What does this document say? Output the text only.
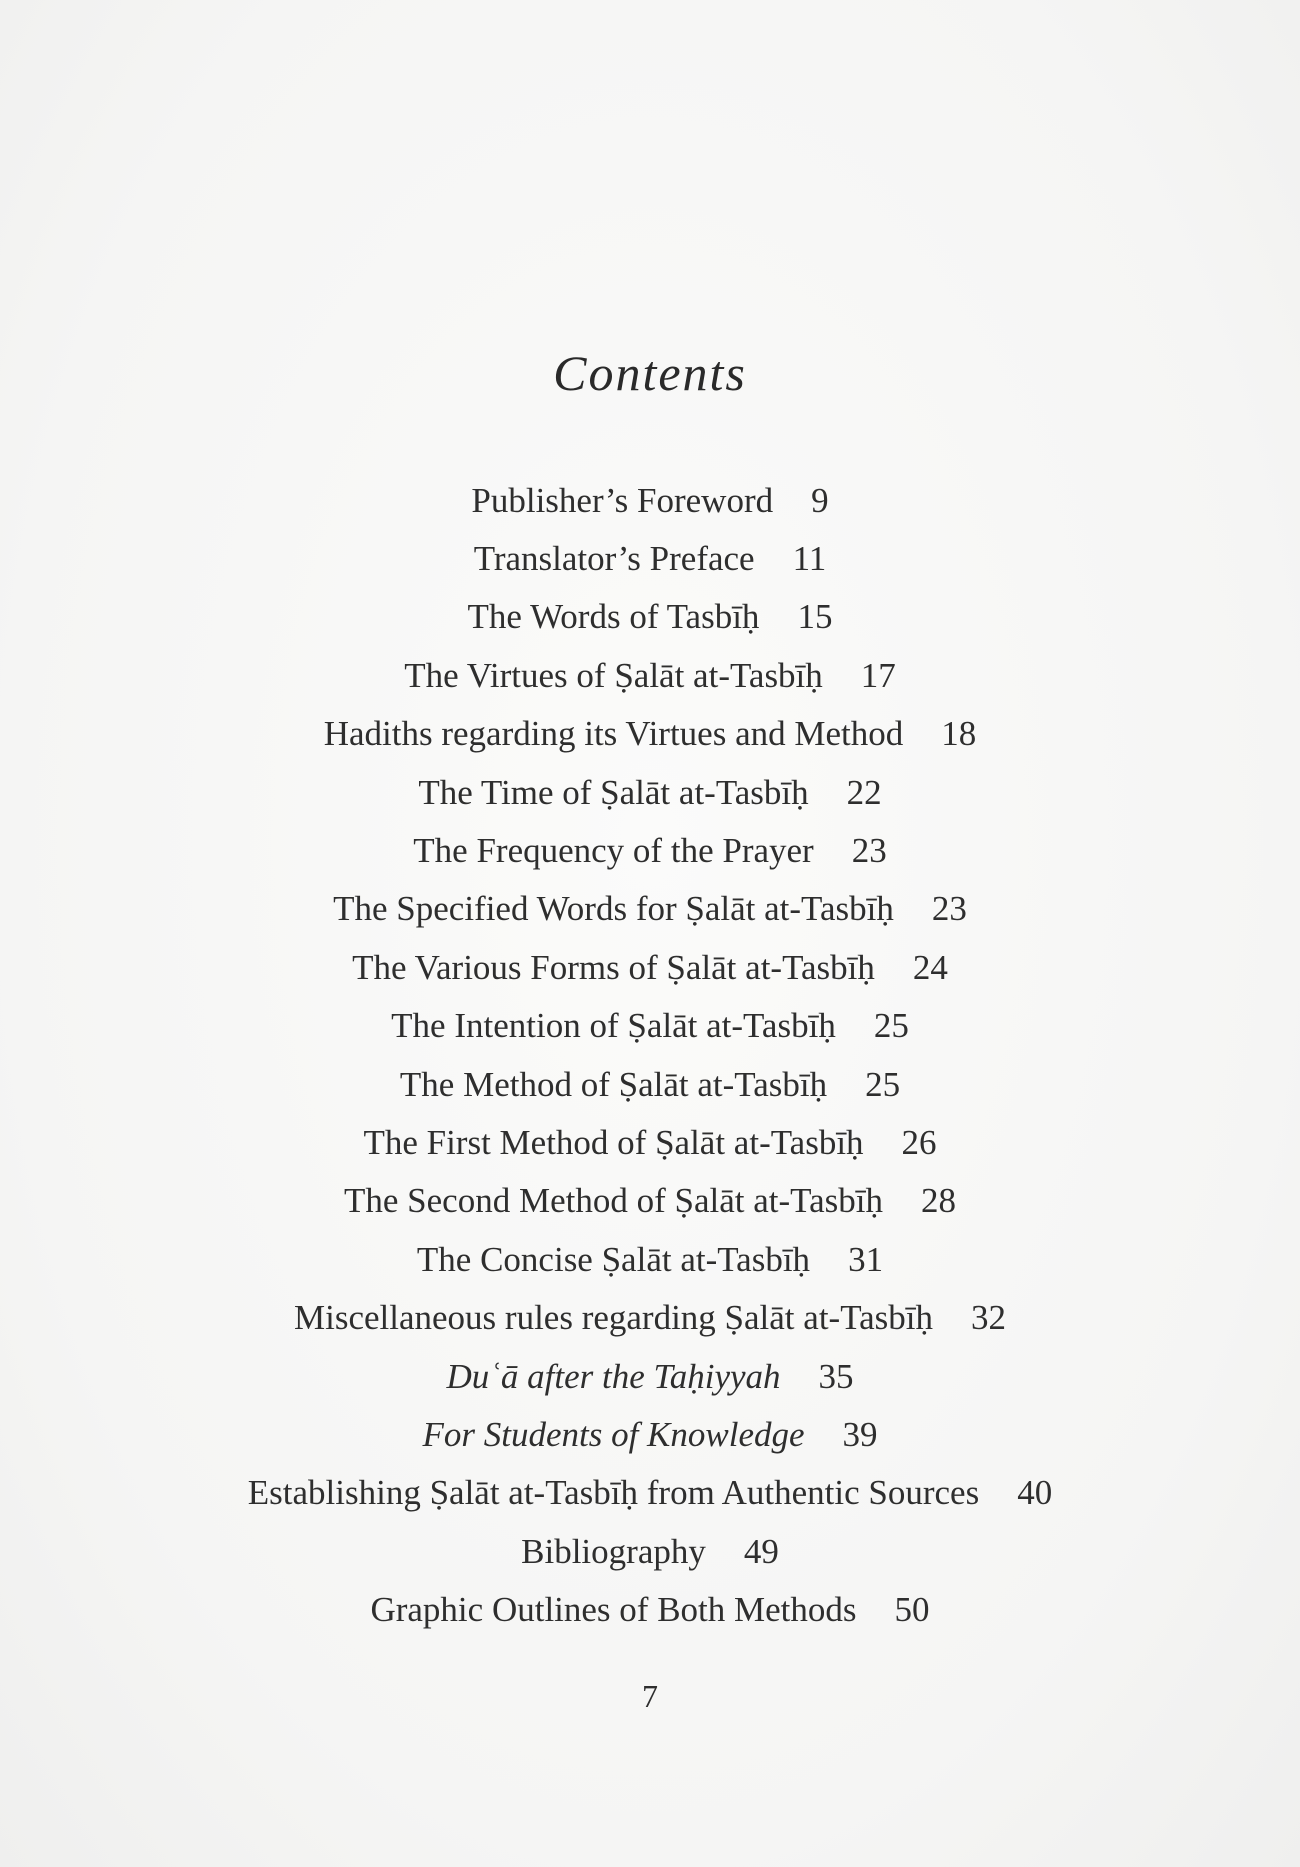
Contents
Publisher’s Foreword 9
Translator’s Preface 11
The Words of Tasbīḥ 15
The Virtues of Ṣalāt at-Tasbīḥ 17
Hadiths regarding its Virtues and Method 18
The Time of Ṣalāt at-Tasbīḥ 22
The Frequency of the Prayer 23
The Specified Words for Ṣalāt at-Tasbīḥ 23
The Various Forms of Ṣalāt at-Tasbīḥ 24
The Intention of Ṣalāt at-Tasbīḥ 25
The Method of Ṣalāt at-Tasbīḥ 25
The First Method of Ṣalāt at-Tasbīḥ 26
The Second Method of Ṣalāt at-Tasbīḥ 28
The Concise Ṣalāt at-Tasbīḥ 31
Miscellaneous rules regarding Ṣalāt at-Tasbīḥ 32
Duʿā after the Taḥiyyah 35
For Students of Knowledge 39
Establishing Ṣalāt at-Tasbīḥ from Authentic Sources 40
Bibliography 49
Graphic Outlines of Both Methods 50
7
